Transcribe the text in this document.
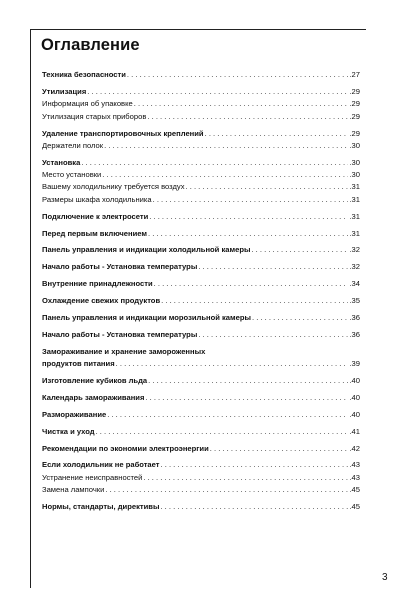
Оглавление
Техника безопасности . . .	.27
Утилизация . . .	.29
Информация об упаковке . . .	.29
Утилизация старых приборов . . .	.29
Удаление транспортировочных креплений . . .	.29
Держатели полок . . .	.30
Установка . . .	.30
Место установки . . .	.30
Вашему холодильнику требуется воздух . . .	.31
Размеры шкафа холодильника . . .	.31
Подключение к электросети . . .	.31
Перед первым включением . . .	.31
Панель управления и индикации холодильной камеры . . .	.32
Начало работы - Установка температуры . . .	.32
Внутренние принадлежности . . .	.34
Охлаждение свежих продуктов . . .	.35
Панель управления и индикации морозильной камеры . . .	.36
Начало работы - Установка температуры . . .	.36
Замораживание и хранение замороженных
продуктов питания . . .	.39
Изготовление кубиков льда . . .	.40
Календарь замораживания . . .	.40
Размораживание . . .	.40
Чистка и уход . . .	.41
Рекомендации по экономии электроэнергии . . .	.42
Если холодильник не работает . . .	.43
Устранение неисправностей . . .	.43
Замена лампочки . . .	.45
Нормы, стандарты, директивы . . .	.45
3
